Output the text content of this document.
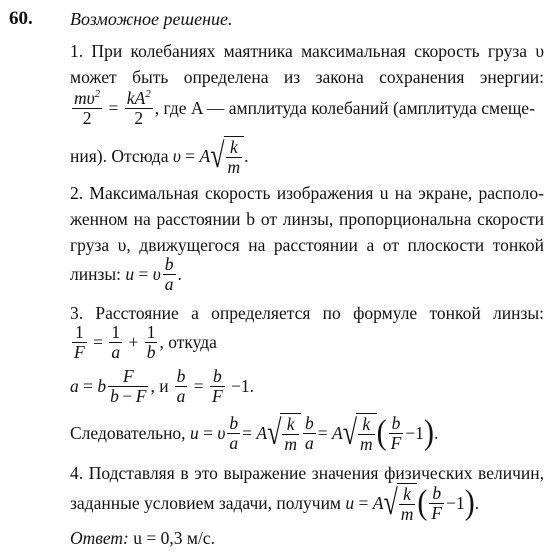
60. Возможное решение.
1. При колебаниях маятника максимальная скорость груза υ
может быть определена из закона сохранения энергии:
$\frac{m\upsilon^2}{2} = \frac{kA^2}{2}$ , где A — амплитуда колебаний (амплитуда смеще-
ния). Отсюда υ = A √ $\frac{k}{m}$ .
2. Максимальная скорость изображения u на экране, располо-
женном на расстоянии b от линзы, пропорциональна скорости
груза υ, движущегося на расстоянии a от плоскости тонкой
линзы: u = υ $\frac{b}{a}$ .
3. Расстояние a определяется по формуле тонкой линзы:
$\frac{1}{F} = \frac{1}{a} + \frac{1}{b}$ , откуда
a = b $\frac{F}{b - F}$ , и $\frac{b}{a} = \frac{b}{F} -1$ .
Следовательно, u = υ $\frac{b}{a} = A$ √ $\frac{k}{m} \frac{b}{a} = A$ √ $\frac{k}{m}$ ( $\frac{b}{F} -1$ ) .
4. Подставляя в это выражение значения физических величин,
заданные условием задачи, получим u = A √ $\frac{k}{m}$ ( $\frac{b}{F} -1$ ) .
Ответ: u = 0,3 м/с.
